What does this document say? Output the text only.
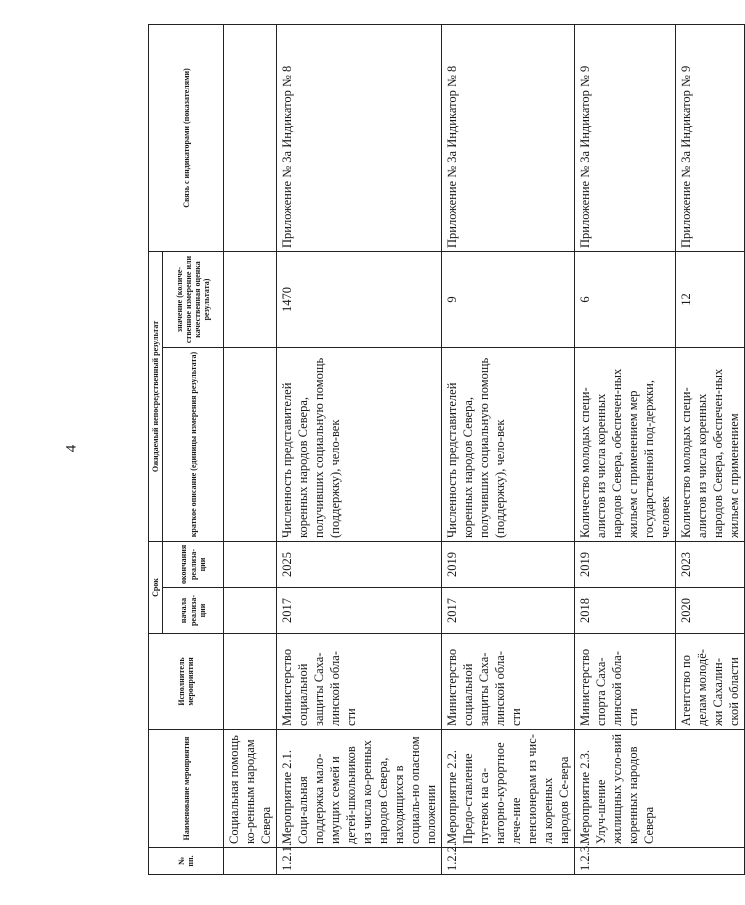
4
№ пп.	Наименование мероприятия	Исполнитель мероприятия	Срок		Ожидаемый непосредственный результат		Связь с индикаторами (показателями)
			начала реализа-ции	окончания реализа-ции	краткое описание (единицы измерения результата)	значение (количе-ственное измерение или качественная оценка результата)	
	Социальная помощь ко-ренным народам Севера						
1.2.1.	Мероприятие 2.1. Соци-альная поддержка мало-имущих семей и детей-школьников из числа ко-ренных народов Севера, находящихся в социаль-но опасном положении	Министерство социальной защиты Саха-линской обла-сти	2017	2025	Численность представителей коренных народов Севера, получивших социальную помощь (поддержку), чело-век	1470	Приложение № 3а Индикатор № 8
1.2.2.	Мероприятие 2.2. Предо-ставление путевок на са-наторно-курортное лече-ние пенсионерам из чис-ла коренных народов Се-вера	Министерство социальной защиты Саха-линской обла-сти	2017	2019	Численность представителей коренных народов Севера, получивших социальную помощь (поддержку), чело-век	9	Приложение № 3а Индикатор № 8
1.2.3.	Мероприятие 2.3. Улуч-шение жилищных усло-вий коренных народов Севера	Министерство спорта Саха-линской обла-сти	2018	2019	Количество молодых специ-алистов из числа коренных народов Севера, обеспечен-ных жильем с применением мер государственной под-держки, человек	6	Приложение № 3а Индикатор № 9
		Агентство по делам молодё-жи Сахалин-ской области	2020	2023	Количество молодых специ-алистов из числа коренных народов Севера, обеспечен-ных жильем с применением	12	Приложение № 3а Индикатор № 9
